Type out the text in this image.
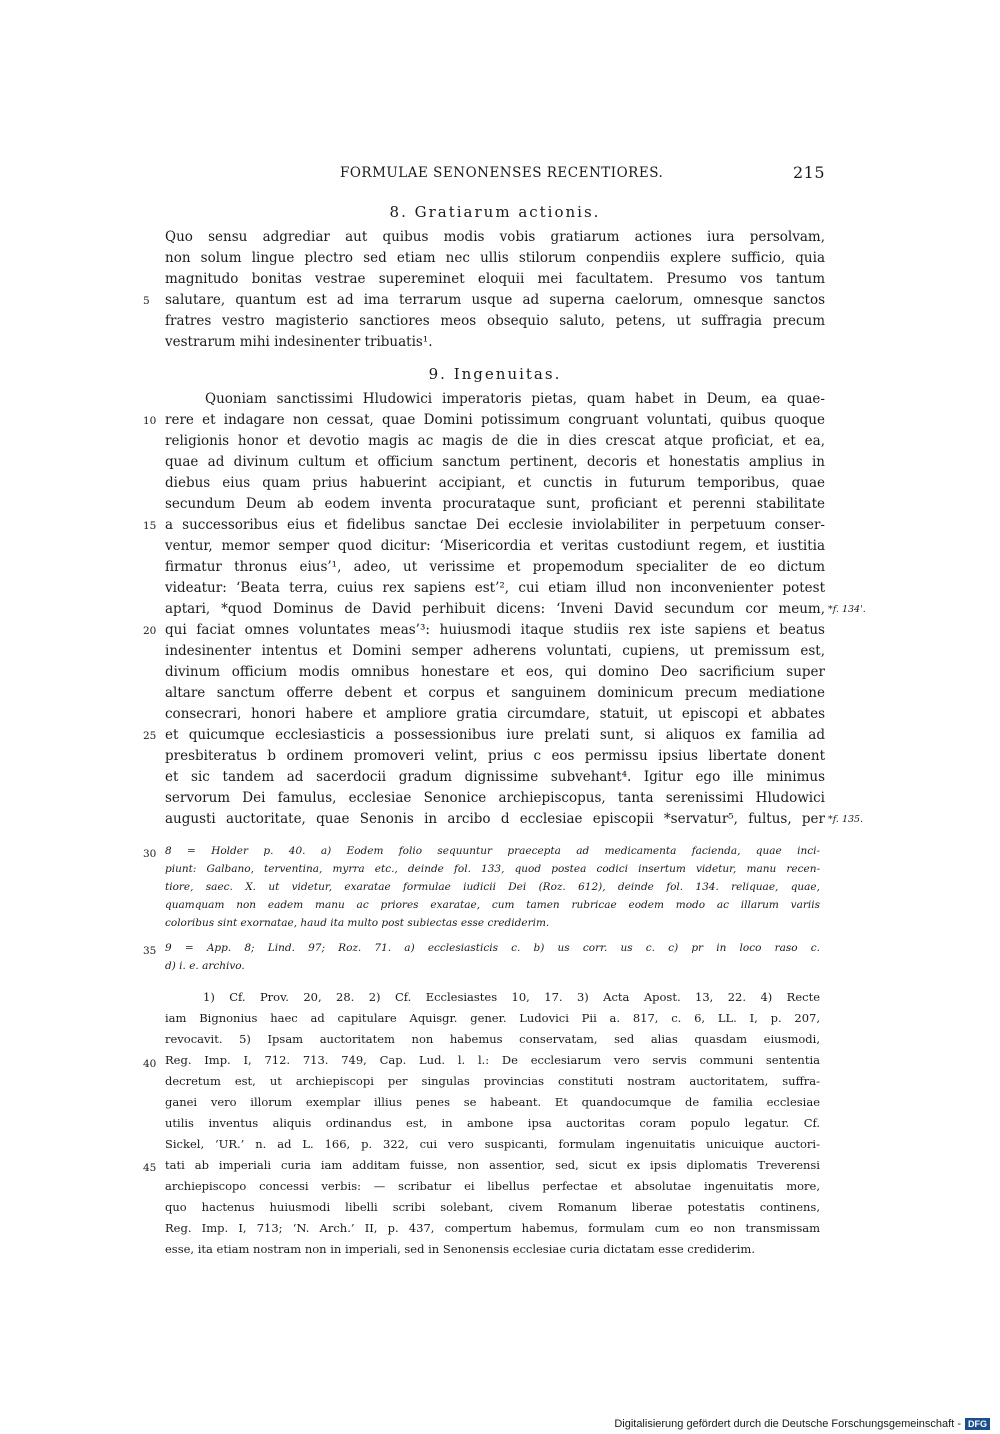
FORMULAE SENONENSES RECENTIORES.	215
8. Gratiarum actionis.
Quo sensu adgrediar aut quibus modis vobis gratiarum actiones iura persolvam,
non solum lingue plectro sed etiam nec ullis stilorum conpendiis explere sufficio, quia
magnitudo bonitas vestrae supereminet eloquii mei facultatem. Presumo vos tantum
salutare, quantum est ad ima terrarum usque ad superna caelorum, omnesque sanctos
fratres vestro magisterio sanctiores meos obsequio saluto, petens, ut suffragia precum
vestrarum mihi indesinenter tribuatis¹.
9. Ingenuitas.
Quoniam sanctissimi Hludowici imperatoris pietas, quam habet in Deum, ea quae-
rere et indagare non cessat, quae Domini potissimum congruant voluntati, quibus quoque
religionis honor et devotio magis ac magis de die in dies crescat atque proficiat, et ea,
quae ad divinum cultum et officium sanctum pertinent, decoris et honestatis amplius in
diebus eius quam prius habuerint accipiant, et cunctis in futurum temporibus, quae
secundum Deum ab eodem inventa procurataque sunt, proficiant et perenni stabilitate
a successoribus eius et fidelibus sanctae Dei ecclesie inviolabiliter in perpetuum conser-
ventur, memor semper quod dicitur: ‘Misericordia et veritas custodiunt regem, et iustitia
firmatur thronus eius’¹, adeo, ut verissime et propemodum specialiter de eo dictum
videatur: ‘Beata terra, cuius rex sapiens est’², cui etiam illud non inconvenienter potest
aptari, *quod Dominus de David perhibuit dicens: ‘Inveni David secundum cor meum,
qui faciat omnes voluntates meas’³: huiusmodi itaque studiis rex iste sapiens et beatus
indesinenter intentus et Domini semper adherens voluntati, cupiens, ut premissum est,
divinum officium modis omnibus honestare et eos, qui domino Deo sacrificium super
altare sanctum offerre debent et corpus et sanguinem dominicum precum mediatione
consecrari, honori habere et ampliore gratia circumdare, statuit, ut episcopi et abbates
et quicumque ecclesiasticis a possessionibus iure prelati sunt, si aliquos ex familia ad
presbiteratus b ordinem promoveri velint, prius c eos permissu ipsius libertate donent
et sic tandem ad sacerdocii gradum dignissime subvehant⁴. Igitur ego ille minimus
servorum Dei famulus, ecclesiae Senonice archiepiscopus, tanta serenissimi Hludowici
augusti auctoritate, quae Senonis in arcibo d ecclesiae episcopii *servatur⁵, fultus, per
*f. 134'.
*f. 135.
5
10
15
20
25
30
35
40
45
8 = Holder p. 40. a) Eodem folio sequuntur praecepta ad medicamenta facienda, quae inci-
piunt: Galbano, terventina, myrra etc., deinde fol. 133, quod postea codici insertum videtur, manu recen-
tiore, saec. X. ut videtur, exaratae formulae iudicii Dei (Roz. 612), deinde fol. 134. reliquae, quae,
quamquam non eadem manu ac priores exaratae, cum tamen rubricae eodem modo ac illarum variis
coloribus sint exornatae, haud ita multo post subiectas esse crediderim.
9 = App. 8; Lind. 97; Roz. 71. a) ecclesiasticis c. b) us corr. us c. c) pr in loco raso c.
d) i. e. archivo.
1) Cf. Prov. 20, 28. 2) Cf. Ecclesiastes 10, 17. 3) Acta Apost. 13, 22. 4) Recte
iam Bignonius haec ad capitulare Aquisgr. gener. Ludovici Pii a. 817, c. 6, LL. I, p. 207,
revocavit. 5) Ipsam auctoritatem non habemus conservatam, sed alias quasdam eiusmodi,
Reg. Imp. I, 712. 713. 749, Cap. Lud. l. l.: De ecclesiarum vero servis communi sententia
decretum est, ut archiepiscopi per singulas provincias constituti nostram auctoritatem, suffra-
ganei vero illorum exemplar illius penes se habeant. Et quandocumque de familia ecclesiae
utilis inventus aliquis ordinandus est, in ambone ipsa auctoritas coram populo legatur. Cf.
Sickel, ‘UR.’ n. ad L. 166, p. 322, cui vero suspicanti, formulam ingenuitatis unicuique auctori-
tati ab imperiali curia iam additam fuisse, non assentior, sed, sicut ex ipsis diplomatis Treverensi
archiepiscopo concessi verbis: — scribatur ei libellus perfectae et absolutae ingenuitatis more,
quo hactenus huiusmodi libelli scribi solebant, civem Romanum liberae potestatis continens,
Reg. Imp. I, 713; ‘N. Arch.’ II, p. 437, compertum habemus, formulam cum eo non transmissam
esse, ita etiam nostram non in imperiali, sed in Senonensis ecclesiae curia dictatam esse crediderim.
Digitalisierung gefördert durch die Deutsche Forschungsgemeinschaft - DFG
